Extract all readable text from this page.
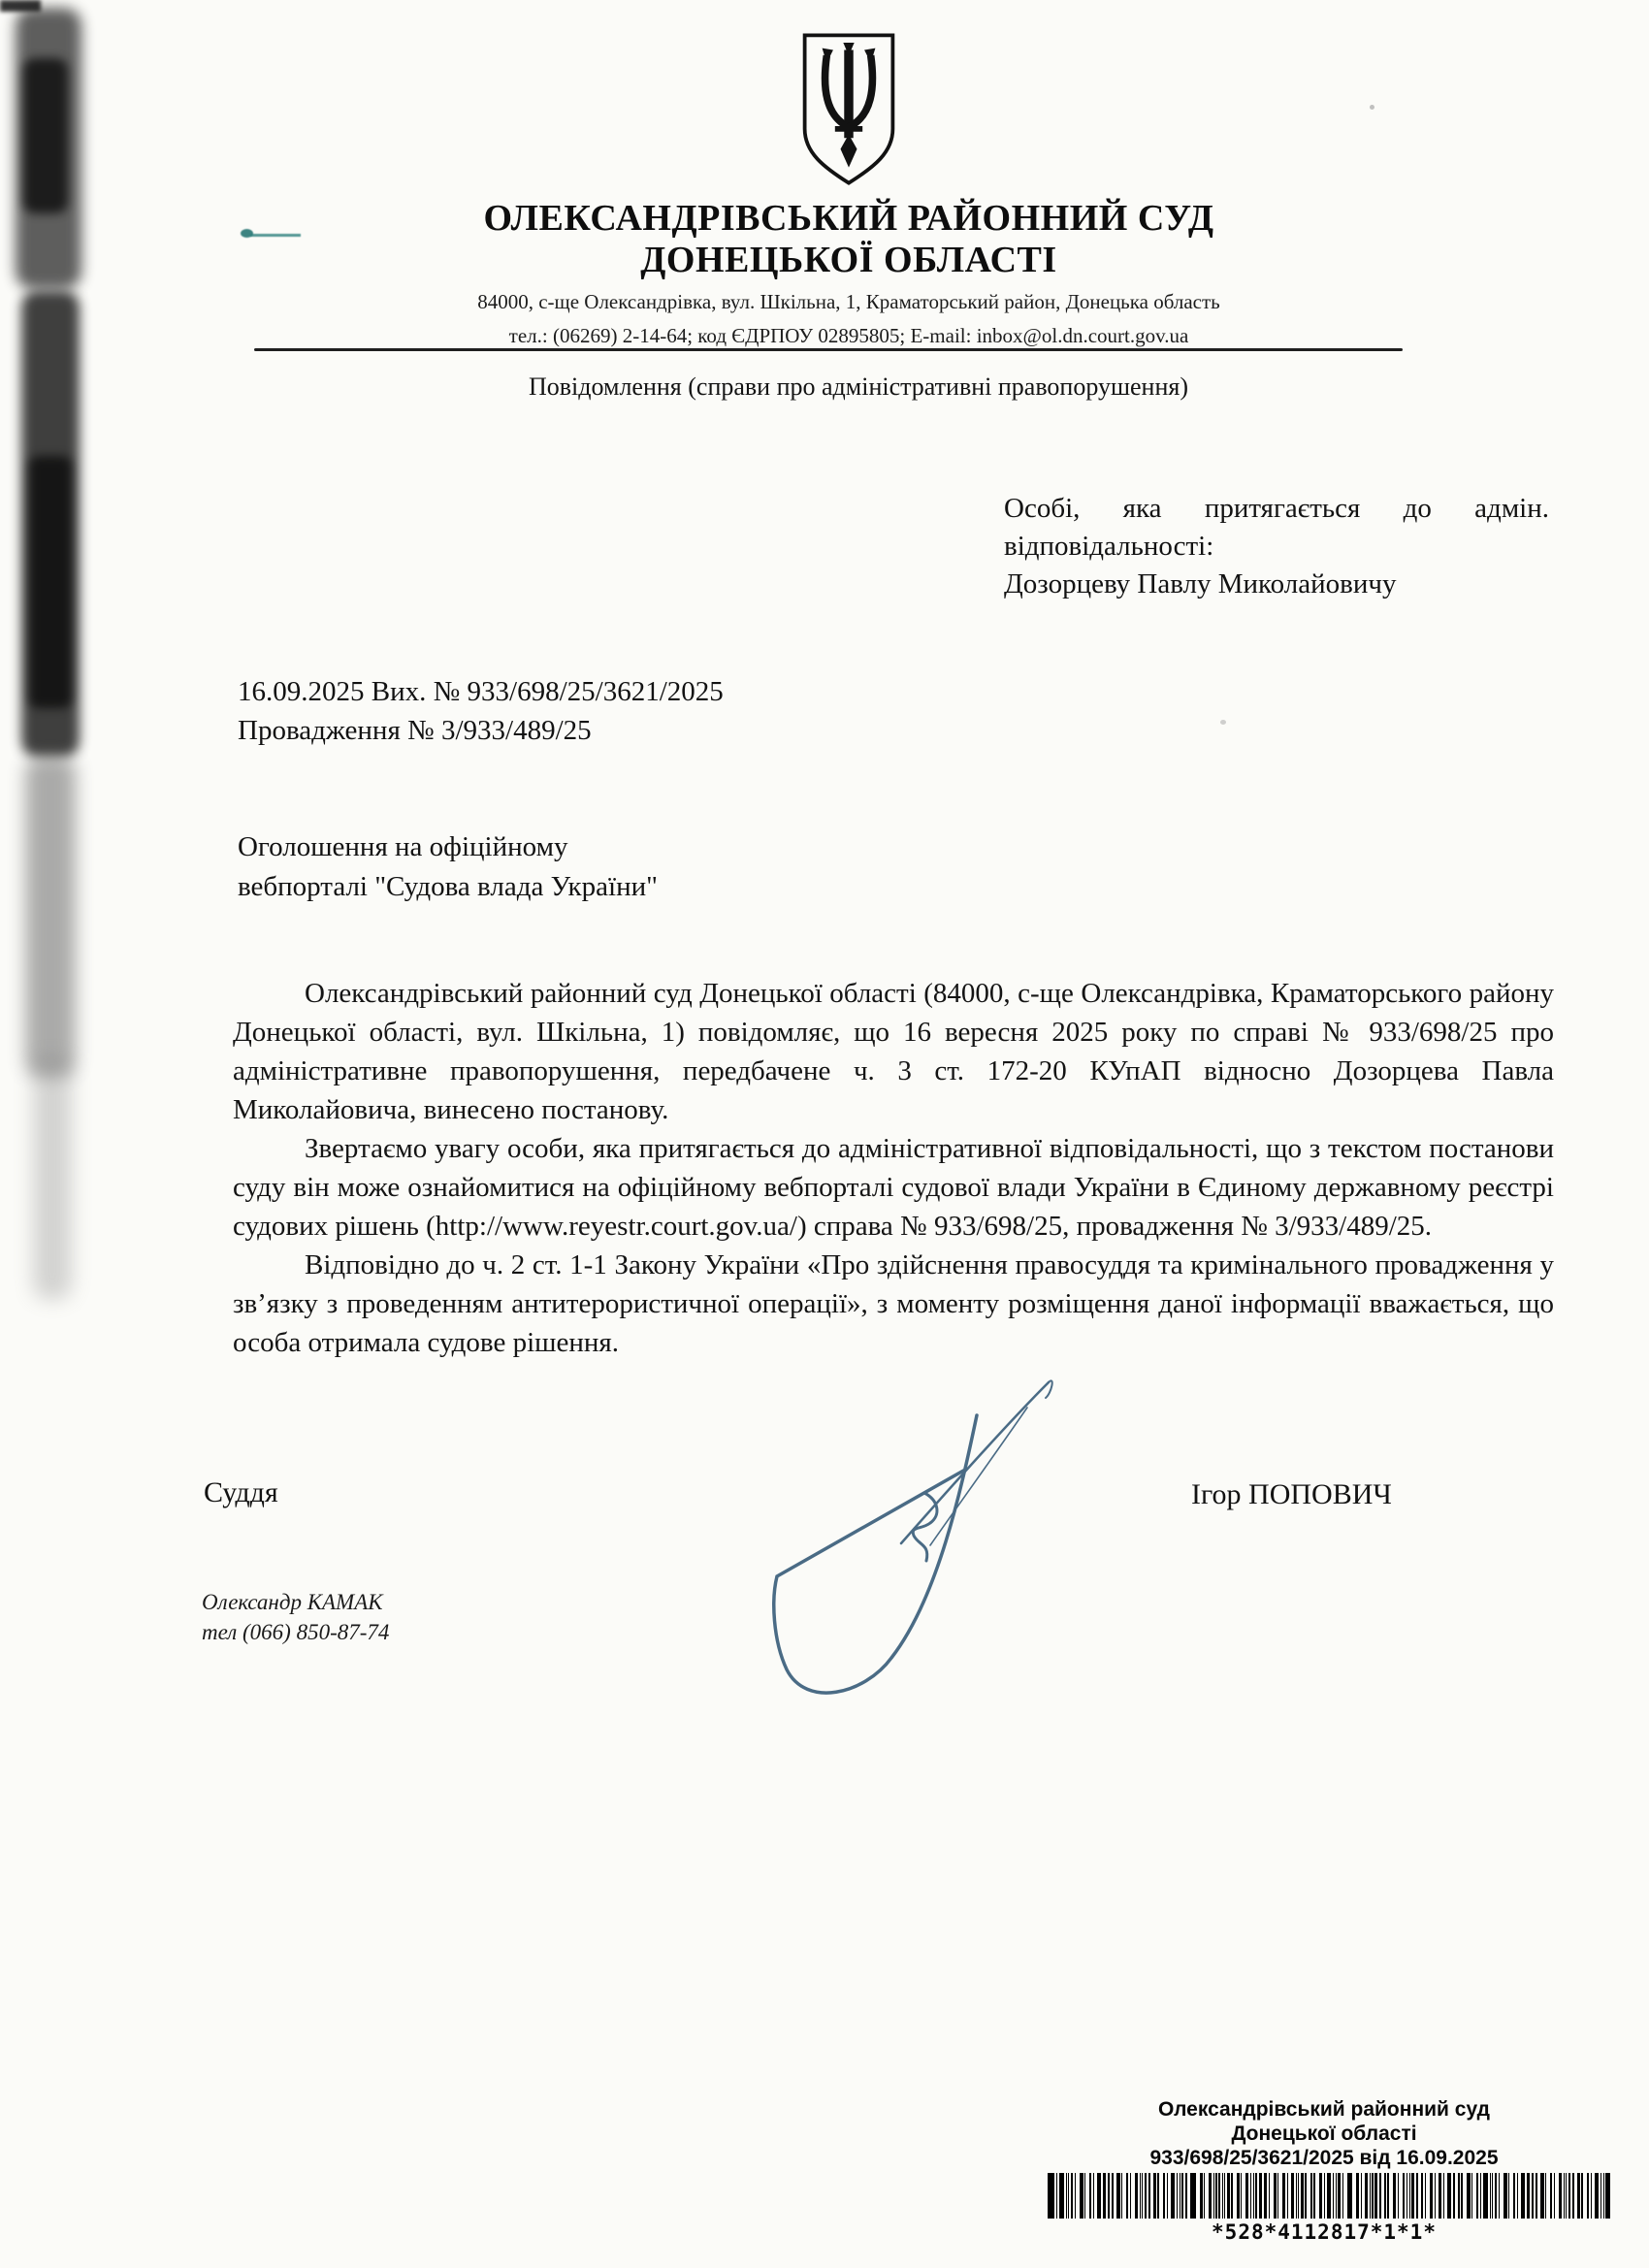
ОЛЕКСАНДРІВСЬКИЙ РАЙОННИЙ СУД
ДОНЕЦЬКОЇ ОБЛАСТІ
84000, с-ще Олександрівка, вул. Шкільна, 1, Краматорський район, Донецька область
тел.: (06269) 2-14-64; код ЄДРПОУ 02895805; E-mail: inbox@ol.dn.court.gov.ua
Повідомлення (справи про адміністративні правопорушення)
Особі, яка притягається до адмін.
відповідальності:
Дозорцеву Павлу Миколайовичу
16.09.2025 Вих. № 933/698/25/3621/2025
Провадження № 3/933/489/25
Оголошення на офіційному
вебпорталі "Судова влада України"

Олександрівський районний суд Донецької області (84000, с-ще Олександрівка, Краматорського району Донецької області, вул. Шкільна, 1) повідомляє, що 16 вересня 2025 року по справі № 933/698/25 про адміністративне правопорушення, передбачене ч. 3 ст. 172-20 КУпАП відносно Дозорцева Павла Миколайовича, винесено постанову.

Звертаємо увагу особи, яка притягається до адміністративної відповідальності, що з текстом постанови суду він може ознайомитися на офіційному вебпорталі судової влади України в Єдиному державному реєстрі судових рішень (http://www.reyestr.court.gov.ua/) справа № 933/698/25, провадження № 3/933/489/25.

Відповідно до ч. 2 ст. 1-1 Закону України «Про здійснення правосуддя та кримінального провадження у зв’язку з проведенням антитерористичної операції», з моменту розміщення даної інформації вважається, що особа отримала судове рішення.

Суддя	Ігор ПОПОВИЧ
Олександр КАМАК
тел (066) 850-87-74
Олександрівський районний суд
Донецької області
933/698/25/3621/2025 від 16.09.2025
*528*4112817*1*1*
